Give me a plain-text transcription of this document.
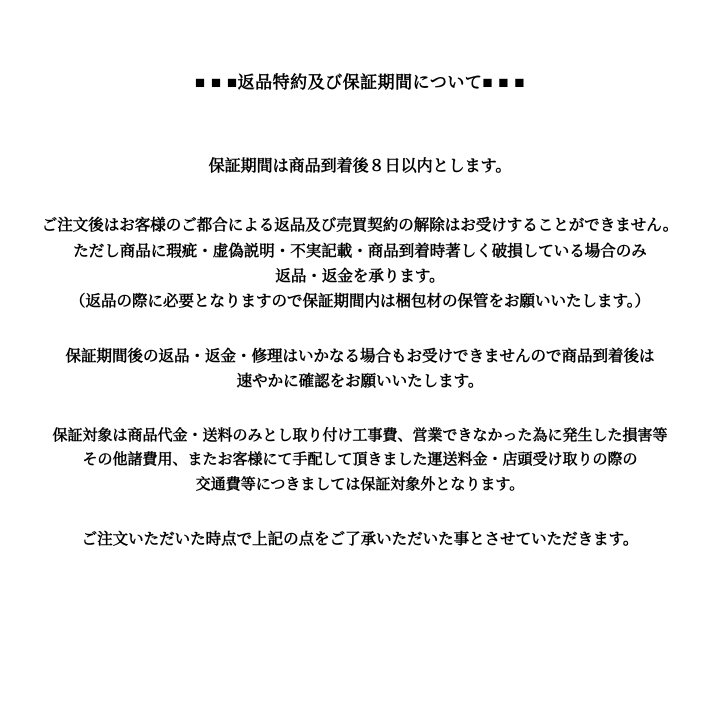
■ ■ ■返品特約及び保証期間について■ ■ ■
保証期間は商品到着後８日以内とします。
ご注文後はお客様のご都合による返品及び売買契約の解除はお受けすることができません。
ただし商品に瑕疵・虚偽説明・不実記載・商品到着時著しく破損している場合のみ
返品・返金を承ります。
（返品の際に必要となりますので保証期間内は梱包材の保管をお願いいたします。）
保証期間後の返品・返金・修理はいかなる場合もお受けできませんので商品到着後は
速やかに確認をお願いいたします。
保証対象は商品代金・送料のみとし取り付け工事費、営業できなかった為に発生した損害等
その他諸費用、またお客様にて手配して頂きました運送料金・店頭受け取りの際の
交通費等につきましては保証対象外となります。
ご注文いただいた時点で上記の点をご了承いただいた事とさせていただきます。
